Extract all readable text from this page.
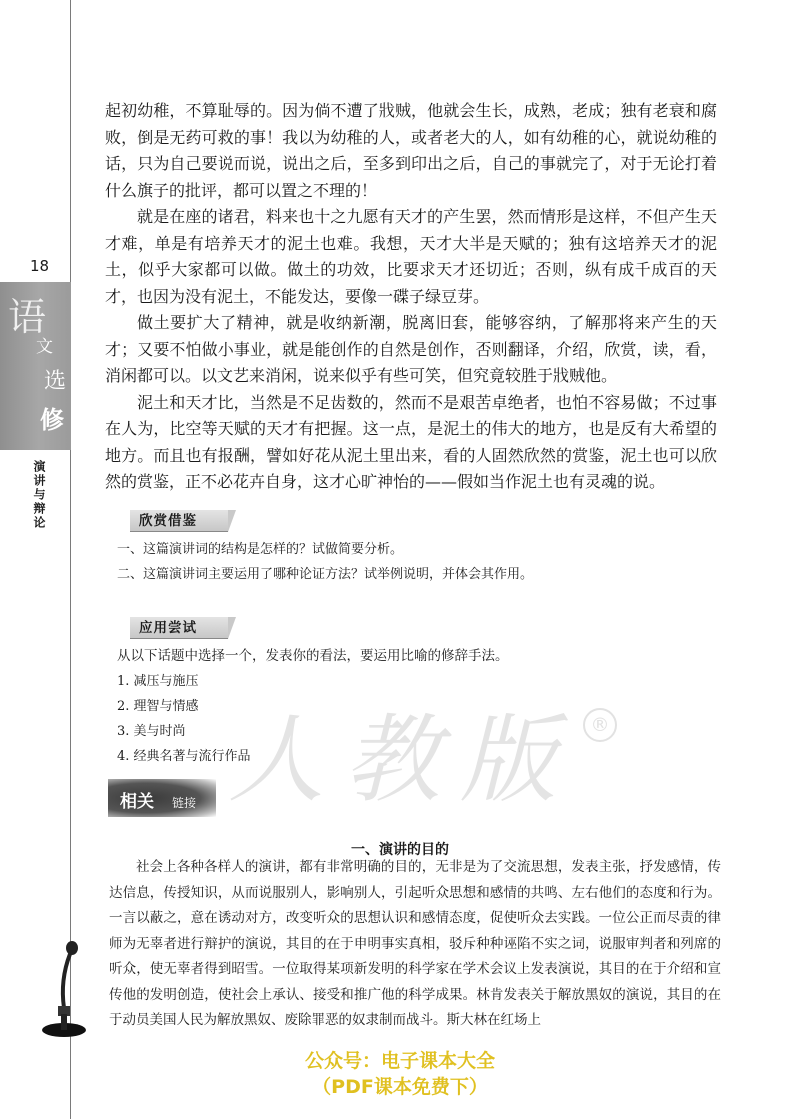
18
语
文
选
修
演讲与辩论

起初幼稚，不算耻辱的。因为倘不遭了戕贼，他就会生长，成熟，老成；独有老衰和腐败，倒是无药可救的事！我以为幼稚的人，或者老大的人，如有幼稚的心，就说幼稚的话，只为自己要说而说，说出之后，至多到印出之后，自己的事就完了，对于无论打着什么旗子的批评，都可以置之不理的！

就是在座的诸君，料来也十之九愿有天才的产生罢，然而情形是这样，不但产生天才难，单是有培养天才的泥土也难。我想，天才大半是天赋的；独有这培养天才的泥土，似乎大家都可以做。做土的功效，比要求天才还切近；否则，纵有成千成百的天才，也因为没有泥土，不能发达，要像一碟子绿豆芽。

做土要扩大了精神，就是收纳新潮，脱离旧套，能够容纳，了解那将来产生的天才；又要不怕做小事业，就是能创作的自然是创作，否则翻译，介绍，欣赏，读，看，消闲都可以。以文艺来消闲，说来似乎有些可笑，但究竟较胜于戕贼他。

泥土和天才比，当然是不足齿数的，然而不是艰苦卓绝者，也怕不容易做；不过事在人为，比空等天赋的天才有把握。这一点，是泥土的伟大的地方，也是反有大希望的地方。而且也有报酬，譬如好花从泥土里出来，看的人固然欣然的赏鉴，泥土也可以欣然的赏鉴，正不必花卉自身，这才心旷神怡的——假如当作泥土也有灵魂的说。

欣赏借鉴
一、这篇演讲词的结构是怎样的？试做简要分析。
二、这篇演讲词主要运用了哪种论证方法？试举例说明，并体会其作用。
应用尝试
人教版 ®
从以下话题中选择一个，发表你的看法，要运用比喻的修辞手法。
1. 减压与施压
2. 理智与情感
3. 美与时尚
4. 经典名著与流行作品
相关 链接
一、演讲的目的

社会上各种各样人的演讲，都有非常明确的目的，无非是为了交流思想，发表主张，抒发感情，传达信息，传授知识，从而说服别人，影响别人，引起听众思想和感情的共鸣、左右他们的态度和行为。一言以蔽之，意在诱动对方，改变听众的思想认识和感情态度，促使听众去实践。一位公正而尽责的律师为无辜者进行辩护的演说，其目的在于申明事实真相，驳斥种种诬陷不实之词，说服审判者和列席的听众，使无辜者得到昭雪。一位取得某项新发明的科学家在学术会议上发表演说，其目的在于介绍和宣传他的发明创造，使社会上承认、接受和推广他的科学成果。林肯发表关于解放黑奴的演说，其目的在于动员美国人民为解放黑奴、废除罪恶的奴隶制而战斗。斯大林在红场上

公众号：电子课本大全
（PDF课本免费下）
